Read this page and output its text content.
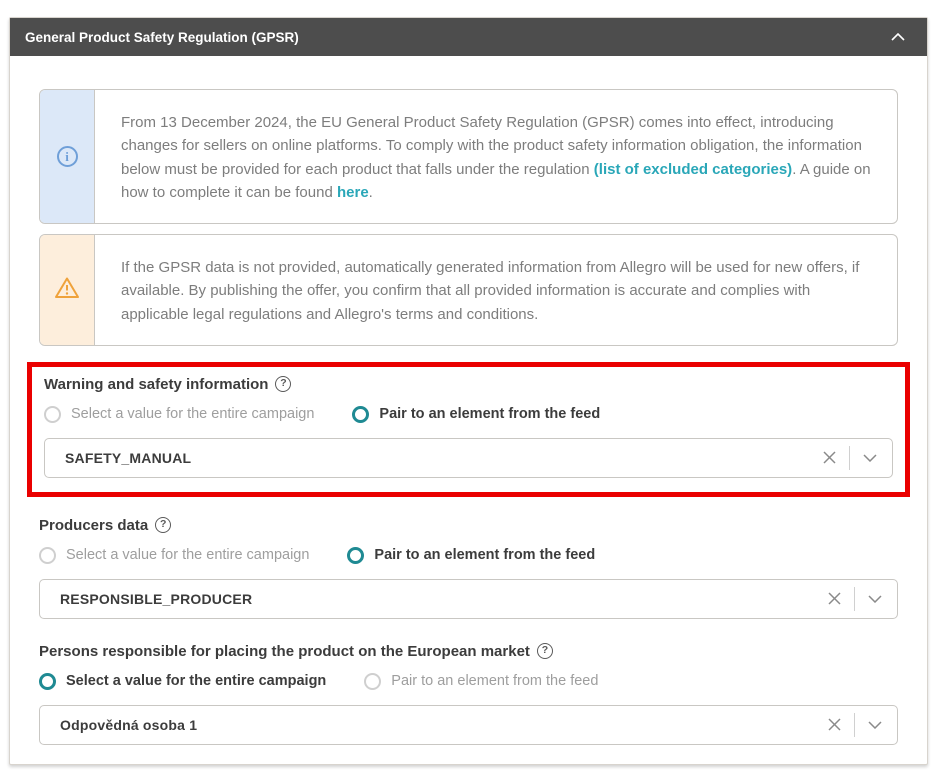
General Product Safety Regulation (GPSR)
i
From 13 December 2024, the EU General Product Safety Regulation (GPSR) comes into effect, introducing changes for sellers on online platforms. To comply with the product safety information obligation, the information below must be provided for each product that falls under the regulation (list of excluded categories). A guide on how to complete it can be found here.
If the GPSR data is not provided, automatically generated information from Allegro will be used for new offers, if available. By publishing the offer, you confirm that all provided information is accurate and complies with applicable legal regulations and Allegro's terms and conditions.
Warning and safety information	?
Select a value for the entire campaign	Pair to an element from the feed
SAFETY_MANUAL
Producers data	?
Select a value for the entire campaign	Pair to an element from the feed
RESPONSIBLE_PRODUCER
Persons responsible for placing the product on the European market	?
Select a value for the entire campaign	Pair to an element from the feed
Odpovědná osoba 1
